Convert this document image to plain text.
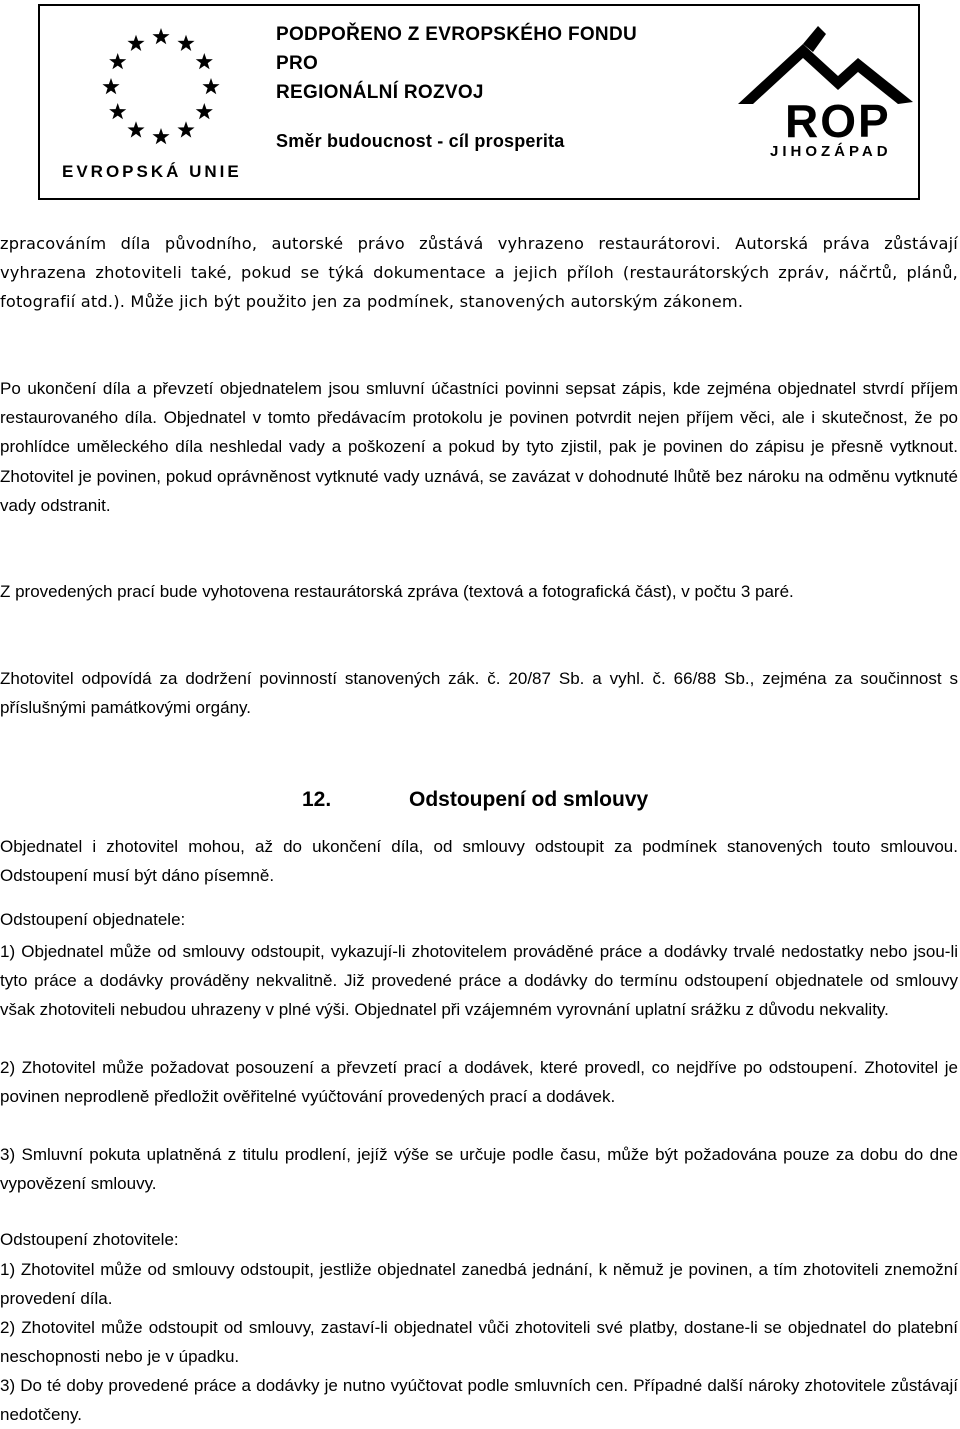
EVROPSKÁ UNIE
PODPOŘENO Z EVROPSKÉHO FONDU
PRO
REGIONÁLNÍ ROZVOJ
Směr budoucnost - cíl prosperita	ROP
JIHOZÁPAD
zpracováním díla původního, autorské právo zůstává vyhrazeno restaurátorovi. Autorská práva zůstávají vyhrazena zhotoviteli také, pokud se týká dokumentace a jejich příloh (restaurátorských zpráv, náčrtů, plánů, fotografií atd.). Může jich být použito jen za podmínek, stanovených autorským zákonem.
Po ukončení díla a převzetí objednatelem jsou smluvní účastníci povinni sepsat zápis, kde zejména objednatel stvrdí příjem restaurovaného díla. Objednatel v tomto předávacím protokolu je povinen potvrdit nejen příjem věci, ale i skutečnost, že po prohlídce uměleckého díla neshledal vady a poškození a pokud by tyto zjistil, pak je povinen do zápisu je přesně vytknout. Zhotovitel je povinen, pokud oprávněnost vytknuté vady uznává, se zavázat v dohodnuté lhůtě bez nároku na odměnu vytknuté vady odstranit.
Z provedených prací bude vyhotovena restaurátorská zpráva (textová a fotografická část), v počtu 3 paré.
Zhotovitel odpovídá za dodržení povinností stanovených zák. č. 20/87 Sb. a vyhl. č. 66/88 Sb., zejména za součinnost s příslušnými památkovými orgány.
12.	Odstoupení od smlouvy
Objednatel i zhotovitel mohou, až do ukončení díla, od smlouvy odstoupit za podmínek stanovených touto smlouvou. Odstoupení musí být dáno písemně.
Odstoupení objednatele:
1) Objednatel může od smlouvy odstoupit, vykazují-li zhotovitelem prováděné práce a dodávky trvalé nedostatky nebo jsou-li tyto práce a dodávky prováděny nekvalitně. Již provedené práce a dodávky do termínu odstoupení objednatele od smlouvy však zhotoviteli nebudou uhrazeny v plné výši. Objednatel při vzájemném vyrovnání uplatní srážku z důvodu nekvality.
2) Zhotovitel může požadovat posouzení a převzetí prací a dodávek, které provedl, co nejdříve po odstoupení. Zhotovitel je povinen neprodleně předložit ověřitelné vyúčtování provedených prací a dodávek.
3) Smluvní pokuta uplatněná z titulu prodlení, jejíž výše se určuje podle času, může být požadována pouze za dobu do dne vypovězení smlouvy.
Odstoupení zhotovitele:
1) Zhotovitel může od smlouvy odstoupit, jestliže objednatel zanedbá jednání, k němuž je povinen, a tím zhotoviteli znemožní provedení díla.
2) Zhotovitel může odstoupit od smlouvy, zastaví-li objednatel vůči zhotoviteli své platby, dostane-li se objednatel do platební neschopnosti nebo je v úpadku.
3) Do té doby provedené práce a dodávky je nutno vyúčtovat podle smluvních cen. Případné další nároky zhotovitele zůstávají nedotčeny.
